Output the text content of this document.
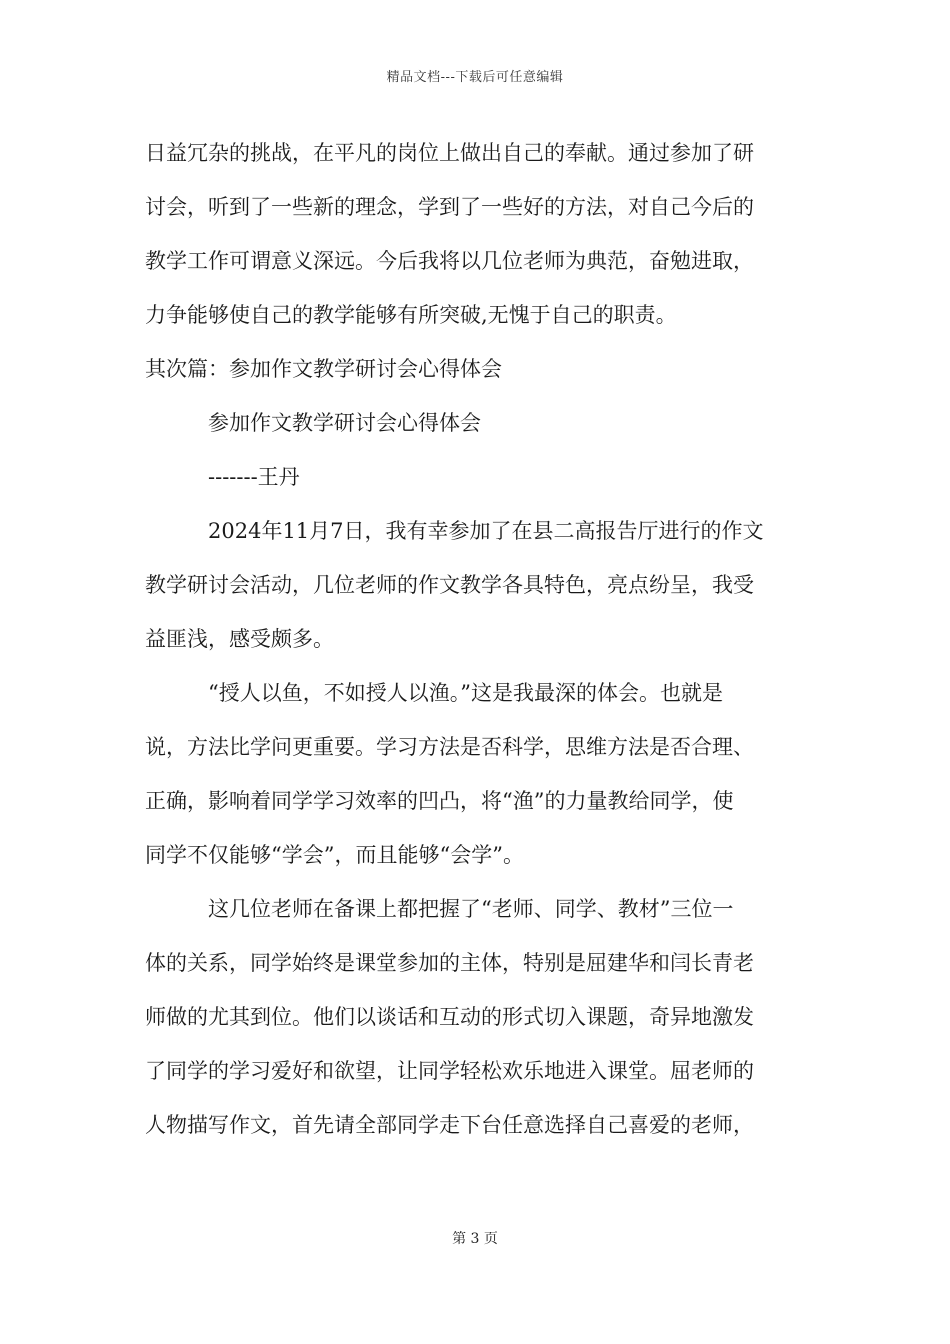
精品文档---下载后可任意编辑
日益冗杂的挑战，在平凡的岗位上做出自己的奉献。通过参加了研
讨会，听到了一些新的理念，学到了一些好的方法，对自己今后的
教学工作可谓意义深远。今后我将以几位老师为典范，奋勉进取，
力争能够使自己的教学能够有所突破,无愧于自己的职责。
其次篇：参加作文教学研讨会心得体会
　　　参加作文教学研讨会心得体会
　　　-------王丹
　　　2024年11月7日，我有幸参加了在县二高报告厅进行的作文
教学研讨会活动，几位老师的作文教学各具特色，亮点纷呈，我受
益匪浅，感受颇多。
　　　“授人以鱼，不如授人以渔。”这是我最深的体会。也就是
说，方法比学问更重要。学习方法是否科学，思维方法是否合理、
正确，影响着同学学习效率的凹凸，将“渔”的力量教给同学，使
同学不仅能够“学会”，而且能够“会学”。
　　　这几位老师在备课上都把握了“老师、同学、教材”三位一
体的关系，同学始终是课堂参加的主体，特别是屈建华和闫长青老
师做的尤其到位。他们以谈话和互动的形式切入课题，奇异地激发
了同学的学习爱好和欲望，让同学轻松欢乐地进入课堂。屈老师的
人物描写作文，首先请全部同学走下台任意选择自己喜爱的老师，
第 3 页
